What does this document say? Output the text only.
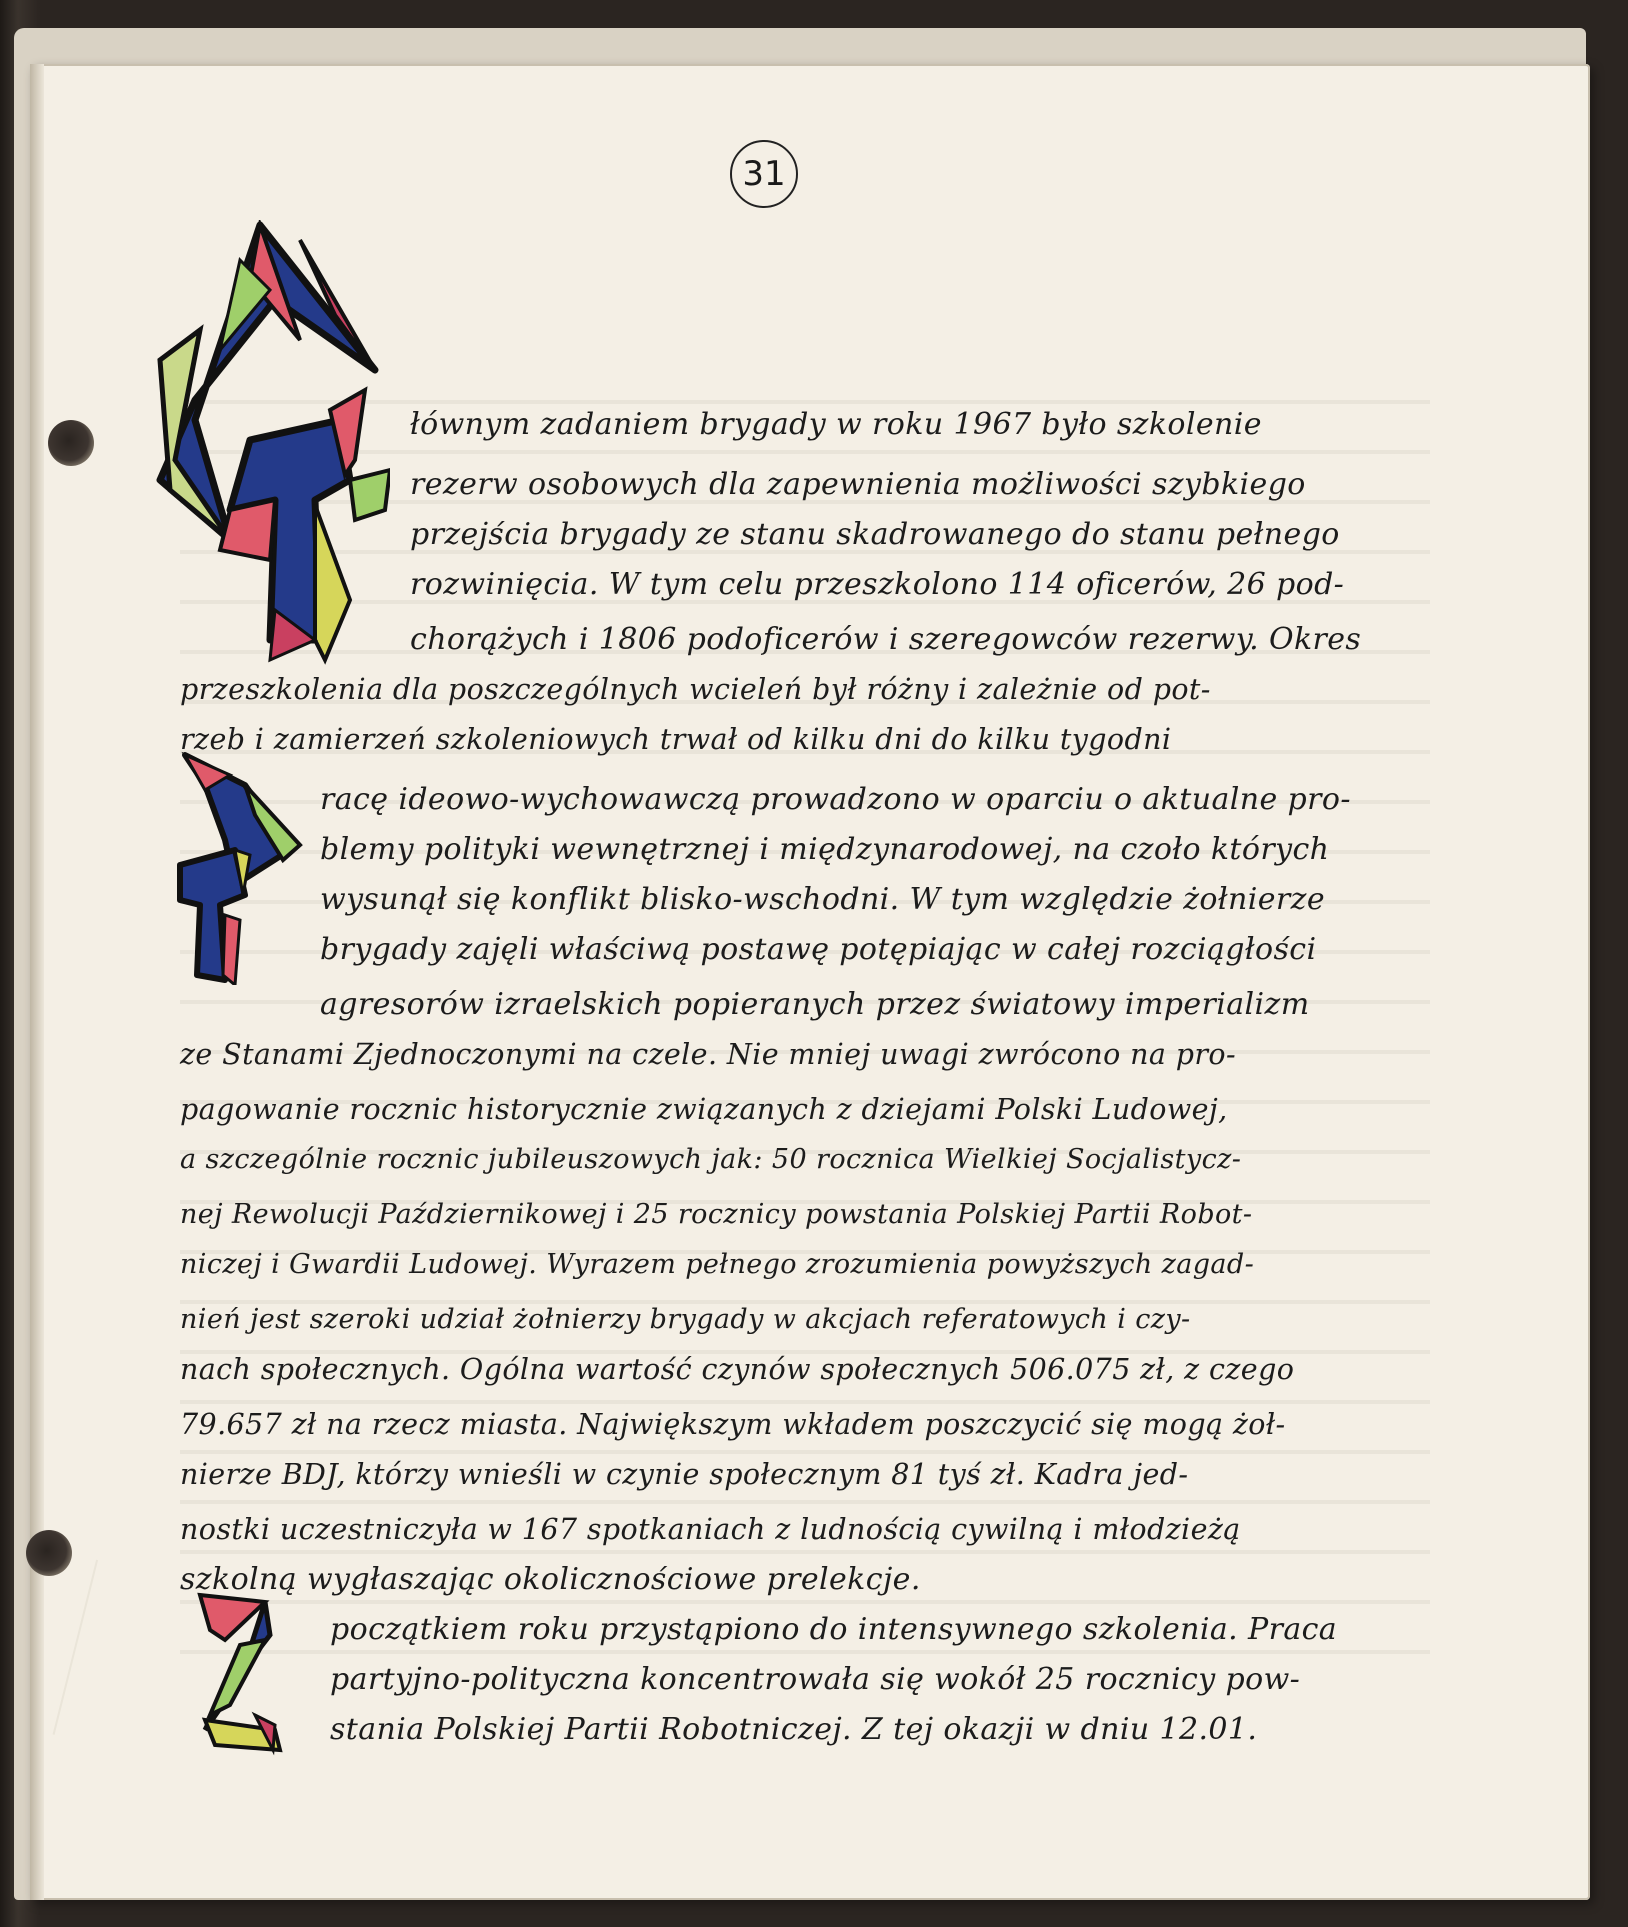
31
łównym zadaniem brygady w roku 1967 było szkolenie
rezerw osobowych dla zapewnienia możliwości szybkiego
przejścia brygady ze stanu skadrowanego do stanu pełnego
rozwinięcia. W tym celu przeszkolono 114 oficerów, 26 pod-
chorążych i 1806 podoficerów i szeregowców rezerwy. Okres
przeszkolenia dla poszczególnych wcieleń był różny i zależnie od pot-
rzeb i zamierzeń szkoleniowych trwał od kilku dni do kilku tygodni
racę ideowo-wychowawczą prowadzono w oparciu o aktualne pro-
blemy polityki wewnętrznej i międzynarodowej, na czoło których
wysunął się konflikt blisko-wschodni. W tym względzie żołnierze
brygady zajęli właściwą postawę potępiając w całej rozciągłości
agresorów izraelskich popieranych przez światowy imperializm
ze Stanami Zjednoczonymi na czele. Nie mniej uwagi zwrócono na pro-
pagowanie rocznic historycznie związanych z dziejami Polski Ludowej,
a szczególnie rocznic jubileuszowych jak: 50 rocznica Wielkiej Socjalistycz-
nej Rewolucji Październikowej i 25 rocznicy powstania Polskiej Partii Robot-
niczej i Gwardii Ludowej. Wyrazem pełnego zrozumienia powyższych zagad-
nień jest szeroki udział żołnierzy brygady w akcjach referatowych i czy-
nach społecznych. Ogólna wartość czynów społecznych 506.075 zł, z czego
79.657 zł na rzecz miasta. Największym wkładem poszczycić się mogą żoł-
nierze BDJ, którzy wnieśli w czynie społecznym 81 tyś zł. Kadra jed-
nostki uczestniczyła w 167 spotkaniach z ludnością cywilną i młodzieżą
szkolną wygłaszając okolicznościowe prelekcje.
początkiem roku przystąpiono do intensywnego szkolenia. Praca
partyjno-polityczna koncentrowała się wokół 25 rocznicy pow-
stania Polskiej Partii Robotniczej. Z tej okazji w dniu 12.01.
